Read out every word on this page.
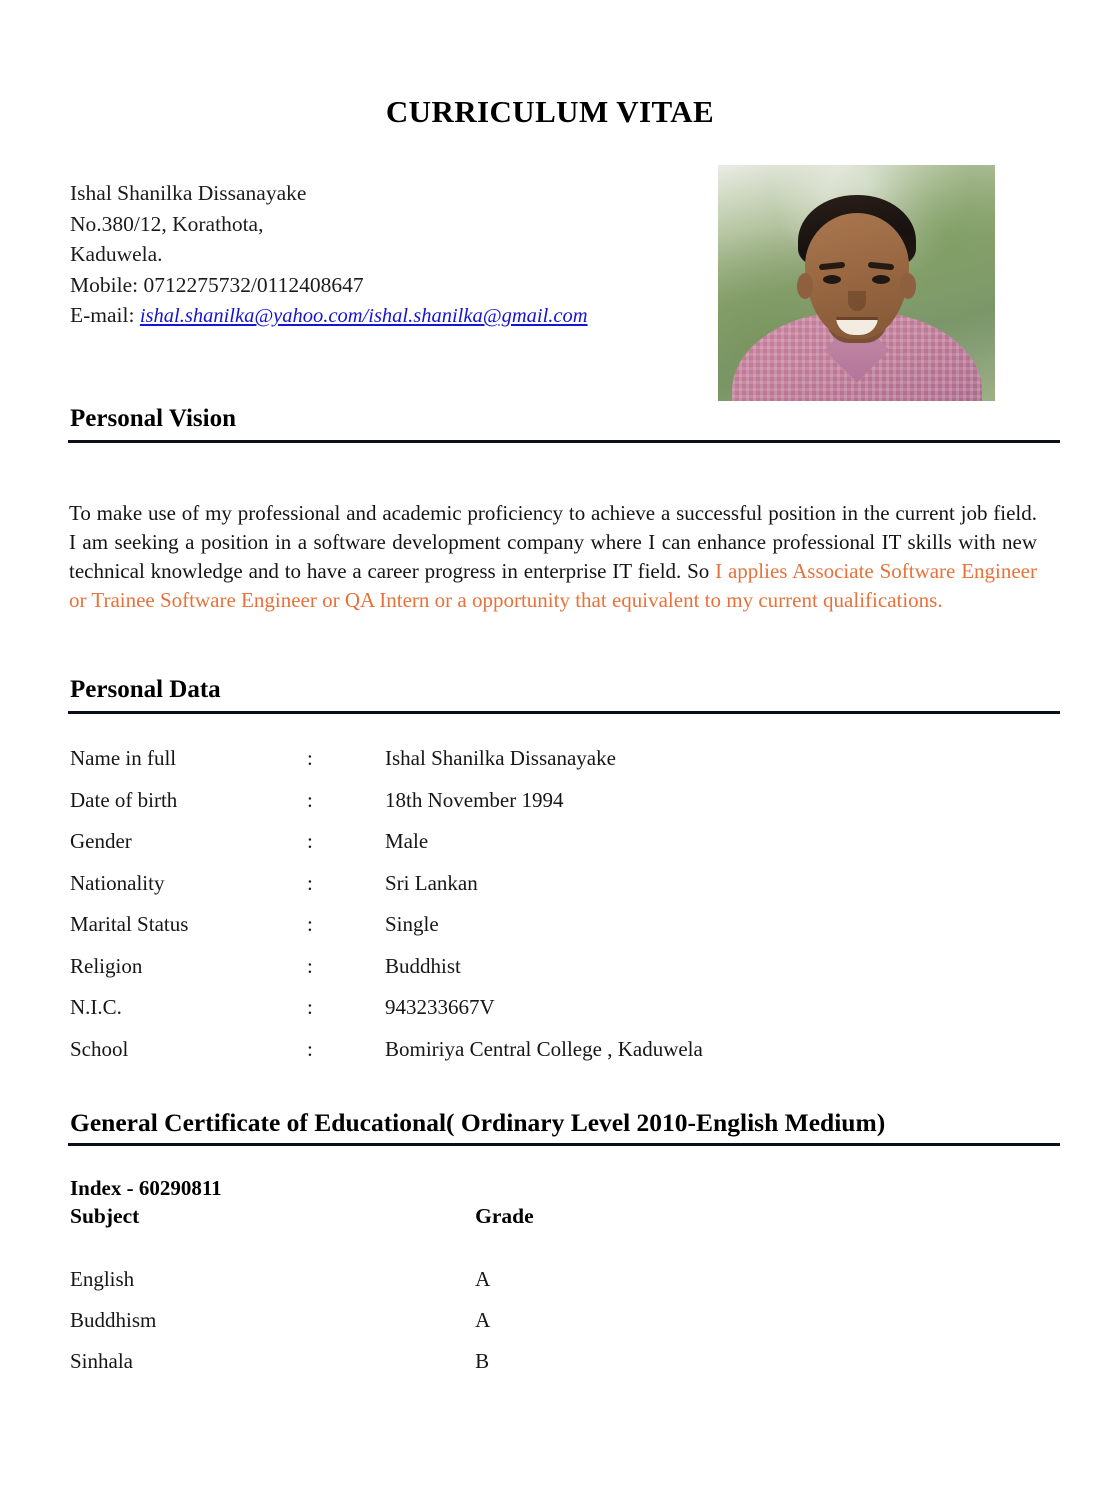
CURRICULUM VITAE
Ishal Shanilka Dissanayake
No.380/12, Korathota,
Kaduwela.
Mobile: 0712275732/0112408647
E-mail: ishal.shanilka@yahoo.com/ishal.shanilka@gmail.com
Personal Vision

To make use of my professional and academic proficiency to achieve a successful position in the current job field. I am seeking a position in a software development company where I can enhance professional IT skills with new technical knowledge and to have a career progress in enterprise IT field. So I applies Associate Software Engineer or Trainee Software Engineer or QA Intern or a opportunity that equivalent to my current qualifications.

Personal Data
Name in full	:	Ishal Shanilka Dissanayake
Date of birth	:	18th November 1994
Gender	:	Male
Nationality	:	Sri Lankan
Marital Status	:	Single
Religion	:	Buddhist
N.I.C.	:	943233667V
School	:	Bomiriya Central College , Kaduwela
General Certificate of Educational( Ordinary Level 2010-English Medium)
Index - 60290811
Subject	Grade
English	A
Buddhism	A
Sinhala	B
